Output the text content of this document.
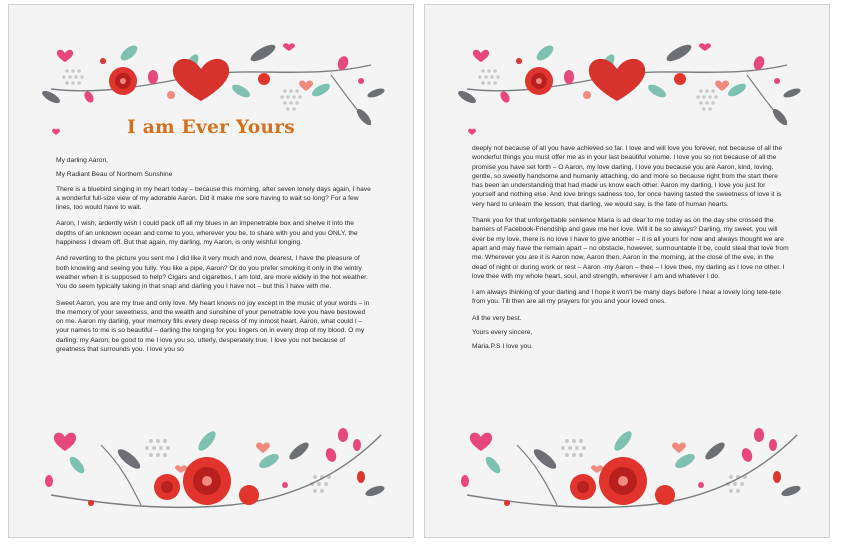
I am Ever Yours

My darling Aaron,

My Radiant Beau of Northern Sunshine

There is a bluebird singing in my heart today – because this morning, after seven lonely days again, I have a wonderful full-size view of my adorable Aaron. Did it make me sore having to wait so long? For a few lines, too would have to wait.

Aaron, I wish, ardently wish I could pack off all my blues in an impenetrable box and shelve it into the depths of an unknown ocean and come to you, wherever you be, to share with you and you ONLY, the happiness I dream off. But that again, my darling, my Aaron, is only wishful longing.

And reverting to the picture you sent me I did like it very much and now, dearest, I have the pleasure of both knowing and seeing you fully. You like a pipe, Aaron? Or do you prefer smoking it only in the wintry weather when it is supposed to help? Cigars and cigarettes, I am told, are more widely in the hot weather. You do seem typically taking in that snap and darling you I have not – but this I have with me.

Sweet Aaron, you are my true and only love. My heart knows no joy except in the music of your words – in the memory of your sweetness, and the wealth and sunshine of your penetrable love you have bestowed on me. Aaron my darling, your memory fills every deep recess of my inmost heart. Aaron, what could I – your names to me is so beautiful – darling the longing for you lingers on in every drop of my blood. O my darling: my Aaron, be good to me I love you so, utterly, desperately true. I love you not because of greatness that surrounds you. I love you so

deeply not because of all you have achieved so far. I love and will love you forever, not because of all the wonderful things you must offer me as in your last beautiful volume. I love you so not because of all the promise you have set forth – O Aaron, my love darling, I love you because you are Aaron, kind, loving, gentle, so sweetly handsome and humanly attaching, do and more so because right from the start there has been an understanding that had made us know each other. Aaron my darling, I love you just for yourself and nothing else. And love brings sadness too, for once having tasted the sweetness of love it is very hard to unlearn the lesson, that darling, we would say, is the fate of human hearts.

Thank you for that unforgettable sentence Maria is ad dear to me today as on the day she crossed the barriers of Facebook-Friendship and gave me her love. Will it be so always? Darling, my sweet, you will ever be my love, there is no love I have to give another – it is all yours for now and always thought we are apart and may have the remain apart – no obstacle, however, surmountable it be, could steal that love from me. Wherever you are it is Aaron now, Aaron then, Aaron in the morning, at the close of the eve, in the dead of night or during work or rest – Aaron -my Aaron – thee – I love thee, my darling as I love no other. I love thee with my whole heart, soul, and strength, wherever I am and whatever I do.

I am always thinking of your darling and I hope it won't be many days before I hear a lovely long tete-tete from you. Till then are all my prayers for you and your loved ones.

All the very best.

Yours every sincere,

Maria.P.S I love you.
